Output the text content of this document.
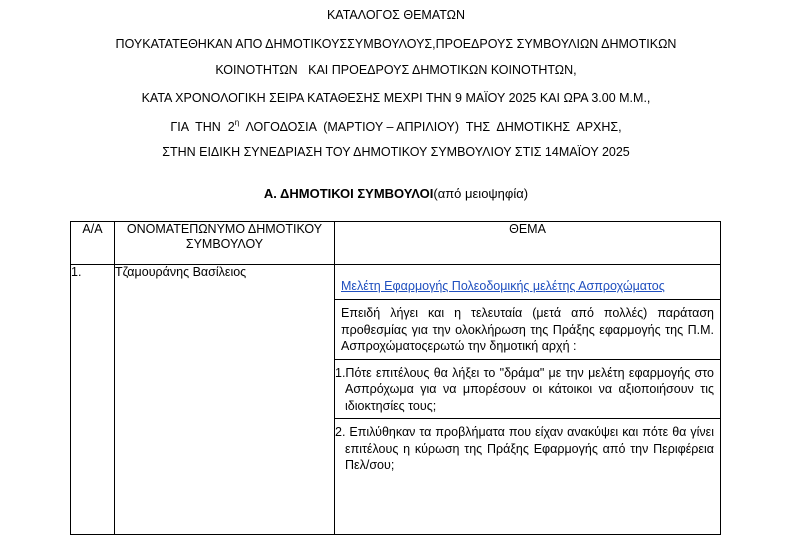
ΚΑΤΑΛΟΓΟΣ ΘΕΜΑΤΩΝ
ΠΟΥΚΑΤΑΤΕΘΗΚΑΝ ΑΠΟ ΔΗΜΟΤΙΚΟΥΣΣΥΜΒΟΥΛΟΥΣ,ΠΡΟΕΔΡΟΥΣ ΣΥΜΒΟΥΛΙΩΝ ΔΗΜΟΤΙΚΩΝ
ΚΟΙΝΟΤΗΤΩΝ   ΚΑΙ ΠΡΟΕΔΡΟΥΣ ΔΗΜΟΤΙΚΩΝ ΚΟΙΝΟΤΗΤΩΝ,
ΚΑΤΑ ΧΡΟΝΟΛΟΓΙΚΗ ΣΕΙΡΑ ΚΑΤΑΘΕΣΗΣ ΜΕΧΡΙ ΤΗΝ 9 ΜΑΪΟΥ 2025 ΚΑΙ ΩΡΑ 3.00 Μ.Μ.,
ΓΙΑ  ΤΗΝ  $2^\eta$  ΛΟΓΟΔΟΣΙΑ  (ΜΑΡΤΙΟΥ – ΑΠΡΙΛΙΟΥ)  ΤΗΣ  ΔΗΜΟΤΙΚΗΣ  ΑΡΧΗΣ,
ΣΤΗΝ ΕΙΔΙΚΗ ΣΥΝΕΔΡΙΑΣΗ ΤΟΥ ΔΗΜΟΤΙΚΟΥ ΣΥΜΒΟΥΛΙΟΥ ΣΤΙΣ 14ΜΑΪΟΥ 2025
Α. ΔΗΜΟΤΙΚΟΙ ΣΥΜΒΟΥΛΟΙ(από μειοψηφία)
Α/Α	ΟΝΟΜΑΤΕΠΩΝΥΜΟ ΔΗΜΟΤΙΚΟΥ ΣΥΜΒΟΥΛΟΥ	ΘΕΜΑ
1.	Τζαμουράνης Βασίλειος	Μελέτη Εφαρμογής Πολεοδομικής μελέτης Ασπροχώματος
Επειδή λήγει και η τελευταία (μετά από πολλές) παράταση προθεσμίας για την ολοκλήρωση της Πράξης εφαρμογής της Π.Μ. Ασπροχώματοςερωτώ την δημοτική αρχή :
1.Πότε επιτέλους θα λήξει το "δράμα" με την μελέτη εφαρμογής στο Ασπρόχωμα για να μπορέσουν οι κάτοικοι να αξιοποιήσουν τις ιδιοκτησίες τους;
2. Επιλύθηκαν τα προβλήματα που είχαν ανακύψει και πότε θα γίνει επιτέλους η κύρωση της Πράξης Εφαρμογής από την Περιφέρεια Πελ/σου;
